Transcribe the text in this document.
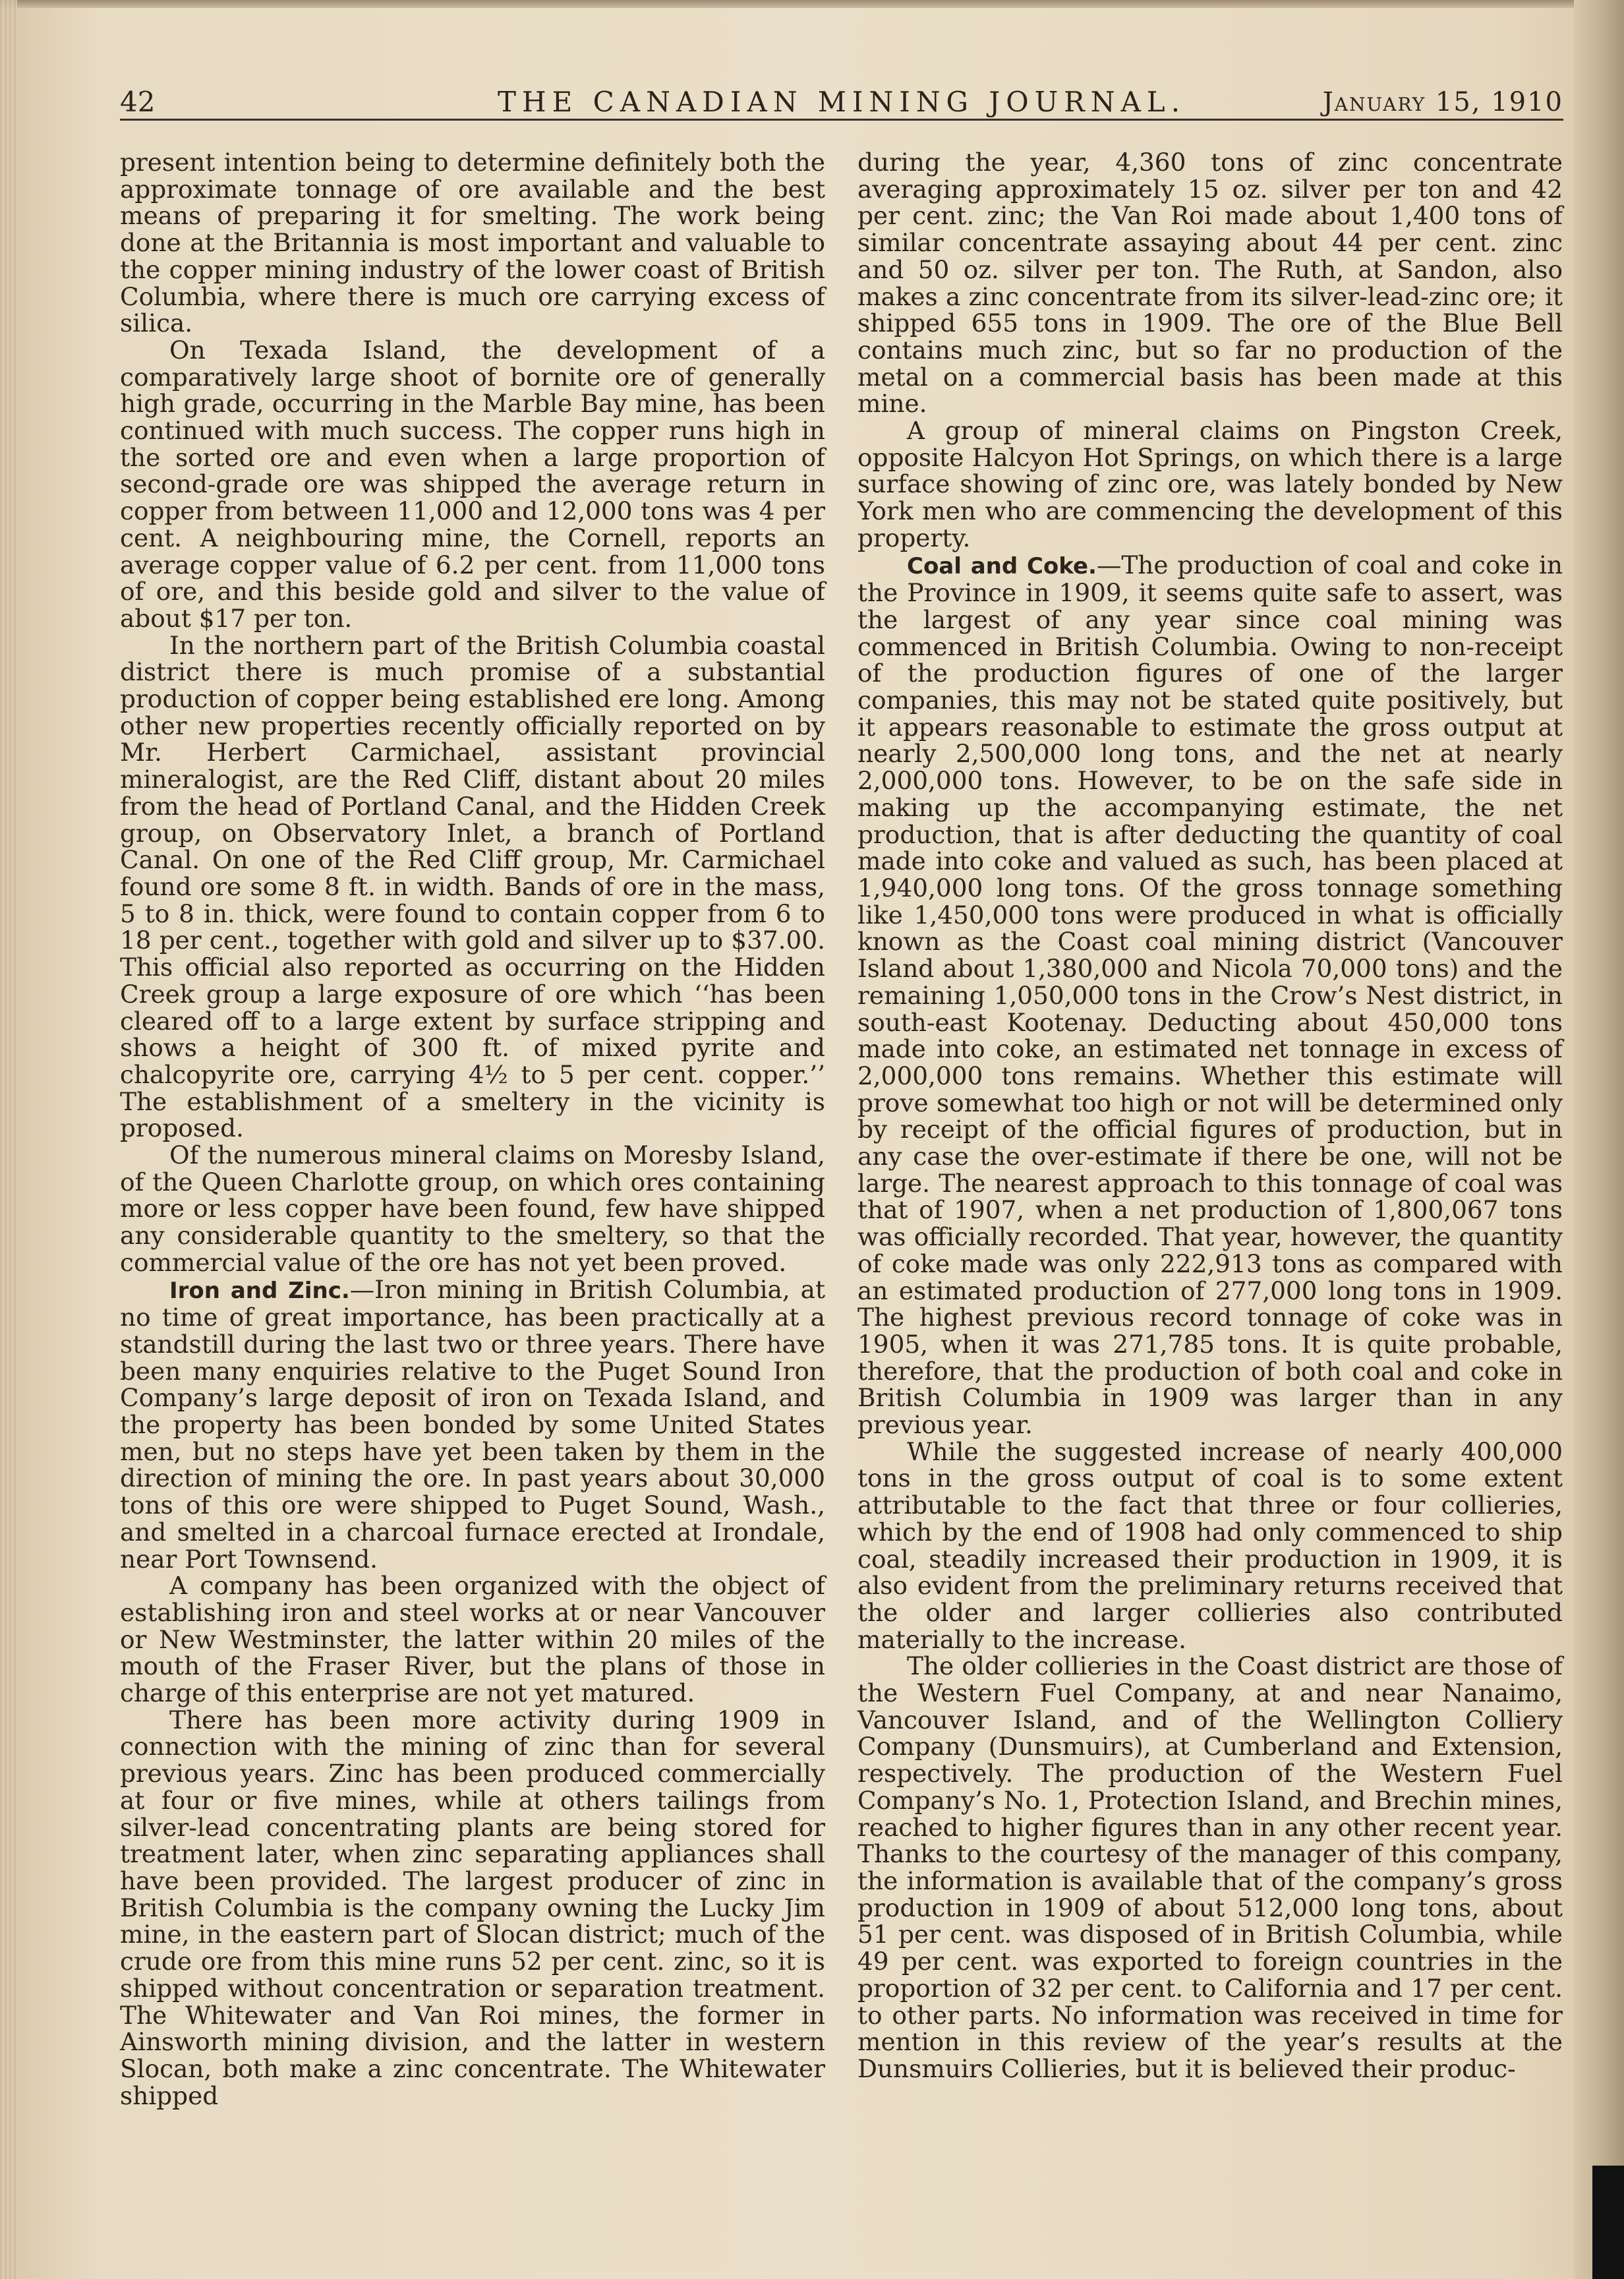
42	THE CANADIAN MINING JOURNAL.	January 15, 1910

present intention being to determine definitely both the approximate tonnage of ore available and the best means of preparing it for smelting. The work being done at the Britannia is most important and valuable to the copper mining industry of the lower coast of British Columbia, where there is much ore carrying excess of silica.

On Texada Island, the development of a comparatively large shoot of bornite ore of generally high grade, occurring in the Marble Bay mine, has been continued with much success. The copper runs high in the sorted ore and even when a large proportion of second-grade ore was shipped the average return in copper from between 11,000 and 12,000 tons was 4 per cent. A neighbouring mine, the Cornell, reports an average copper value of 6.2 per cent. from 11,000 tons of ore, and this beside gold and silver to the value of about $17 per ton.

In the northern part of the British Columbia coastal district there is much promise of a substantial production of copper being established ere long. Among other new properties recently officially reported on by Mr. Herbert Carmichael, assistant provincial mineralogist, are the Red Cliff, distant about 20 miles from the head of Portland Canal, and the Hidden Creek group, on Observatory Inlet, a branch of Portland Canal. On one of the Red Cliff group, Mr. Carmichael found ore some 8 ft. in width. Bands of ore in the mass, 5 to 8 in. thick, were found to contain copper from 6 to 18 per cent., together with gold and silver up to $37.00. This official also reported as occurring on the Hidden Creek group a large exposure of ore which ‘‘has been cleared off to a large extent by surface stripping and shows a height of 300 ft. of mixed pyrite and chalcopyrite ore, carrying 4½ to 5 per cent. copper.’’ The establishment of a smeltery in the vicinity is proposed.

Of the numerous mineral claims on Moresby Island, of the Queen Charlotte group, on which ores containing more or less copper have been found, few have shipped any considerable quantity to the smeltery, so that the commercial value of the ore has not yet been proved.

Iron and Zinc.—Iron mining in British Columbia, at no time of great importance, has been practically at a standstill during the last two or three years. There have been many enquiries relative to the Puget Sound Iron Company’s large deposit of iron on Texada Island, and the property has been bonded by some United States men, but no steps have yet been taken by them in the direction of mining the ore. In past years about 30,000 tons of this ore were shipped to Puget Sound, Wash., and smelted in a charcoal furnace erected at Irondale, near Port Townsend.

A company has been organized with the object of establishing iron and steel works at or near Vancouver or New Westminster, the latter within 20 miles of the mouth of the Fraser River, but the plans of those in charge of this enterprise are not yet matured.

There has been more activity during 1909 in connection with the mining of zinc than for several previous years. Zinc has been produced commercially at four or five mines, while at others tailings from silver-lead concentrating plants are being stored for treatment later, when zinc separating appliances shall have been provided. The largest producer of zinc in British Columbia is the company owning the Lucky Jim mine, in the eastern part of Slocan district; much of the crude ore from this mine runs 52 per cent. zinc, so it is shipped without concentration or separation treatment. The Whitewater and Van Roi mines, the former in Ainsworth mining division, and the latter in western Slocan, both make a zinc concentrate. The Whitewater shipped

during the year, 4,360 tons of zinc concentrate averaging approximately 15 oz. silver per ton and 42 per cent. zinc; the Van Roi made about 1,400 tons of similar concentrate assaying about 44 per cent. zinc and 50 oz. silver per ton. The Ruth, at Sandon, also makes a zinc concentrate from its silver-lead-zinc ore; it shipped 655 tons in 1909. The ore of the Blue Bell contains much zinc, but so far no production of the metal on a commercial basis has been made at this mine.

A group of mineral claims on Pingston Creek, opposite Halcyon Hot Springs, on which there is a large surface showing of zinc ore, was lately bonded by New York men who are commencing the development of this property.

Coal and Coke.—The production of coal and coke in the Province in 1909, it seems quite safe to assert, was the largest of any year since coal mining was commenced in British Columbia. Owing to non-receipt of the production figures of one of the larger companies, this may not be stated quite positively, but it appears reasonable to estimate the gross output at nearly 2,500,000 long tons, and the net at nearly 2,000,000 tons. However, to be on the safe side in making up the accompanying estimate, the net production, that is after deducting the quantity of coal made into coke and valued as such, has been placed at 1,940,000 long tons. Of the gross tonnage something like 1,450,000 tons were produced in what is officially known as the Coast coal mining district (Vancouver Island about 1,380,000 and Nicola 70,000 tons) and the remaining 1,050,000 tons in the Crow’s Nest district, in south-east Kootenay. Deducting about 450,000 tons made into coke, an estimated net tonnage in excess of 2,000,000 tons remains. Whether this estimate will prove somewhat too high or not will be determined only by receipt of the official figures of production, but in any case the over-estimate if there be one, will not be large. The nearest approach to this tonnage of coal was that of 1907, when a net production of 1,800,067 tons was officially recorded. That year, however, the quantity of coke made was only 222,913 tons as compared with an estimated production of 277,000 long tons in 1909. The highest previous record tonnage of coke was in 1905, when it was 271,785 tons. It is quite probable, therefore, that the production of both coal and coke in British Columbia in 1909 was larger than in any previous year.

While the suggested increase of nearly 400,000 tons in the gross output of coal is to some extent attributable to the fact that three or four collieries, which by the end of 1908 had only commenced to ship coal, steadily increased their production in 1909, it is also evident from the preliminary returns received that the older and larger collieries also contributed materially to the increase.

The older collieries in the Coast district are those of the Western Fuel Company, at and near Nanaimo, Vancouver Island, and of the Wellington Colliery Company (Dunsmuirs), at Cumberland and Extension, respectively. The production of the Western Fuel Company’s No. 1, Protection Island, and Brechin mines, reached to higher figures than in any other recent year. Thanks to the courtesy of the manager of this company, the information is available that of the company’s gross production in 1909 of about 512,000 long tons, about 51 per cent. was disposed of in British Columbia, while 49 per cent. was exported to foreign countries in the proportion of 32 per cent. to California and 17 per cent. to other parts. No information was received in time for mention in this review of the year’s results at the Dunsmuirs Collieries, but it is believed their produc-
